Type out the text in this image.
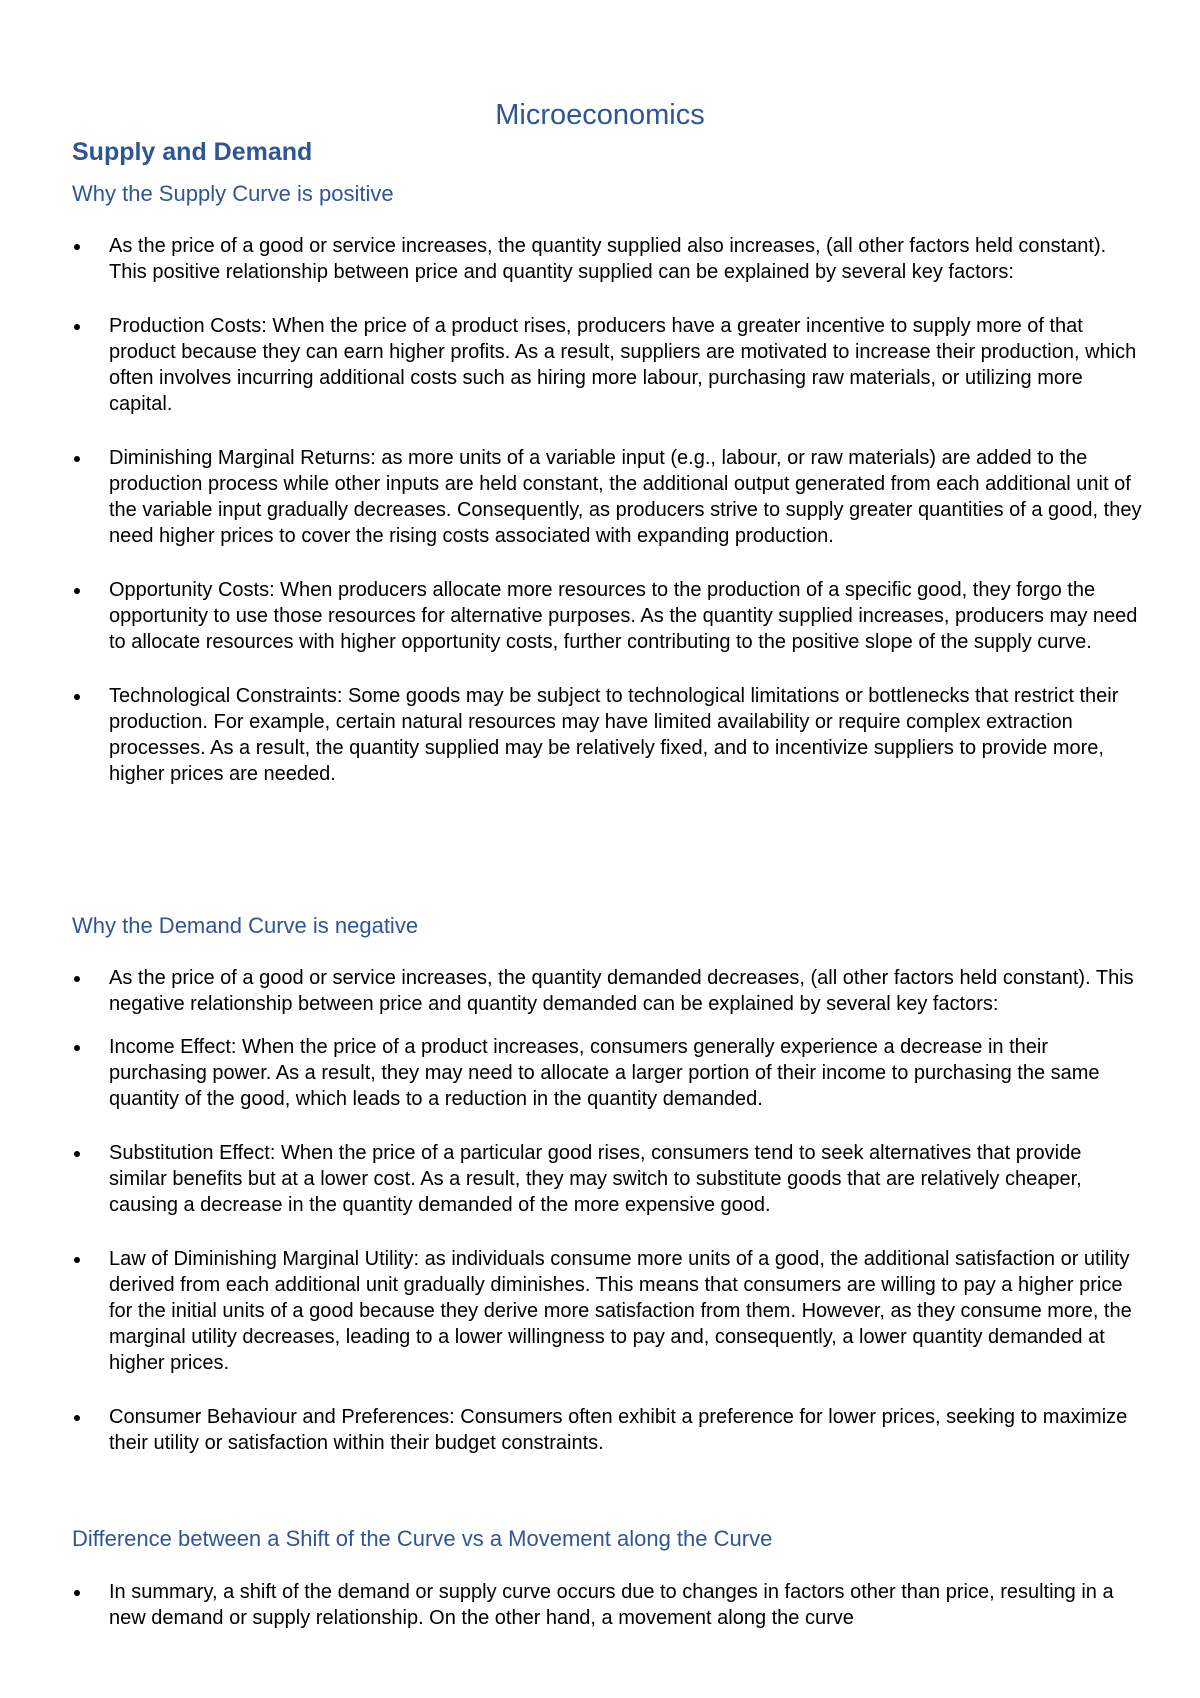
Microeconomics
Supply and Demand
Why the Supply Curve is positive
As the price of a good or service increases, the quantity supplied also increases, (all other factors held constant). This positive relationship between price and quantity supplied can be explained by several key factors:
Production Costs: When the price of a product rises, producers have a greater incentive to supply more of that product because they can earn higher profits. As a result, suppliers are motivated to increase their production, which often involves incurring additional costs such as hiring more labour, purchasing raw materials, or utilizing more capital.
Diminishing Marginal Returns: as more units of a variable input (e.g., labour, or raw materials) are added to the production process while other inputs are held constant, the additional output generated from each additional unit of the variable input gradually decreases. Consequently, as producers strive to supply greater quantities of a good, they need higher prices to cover the rising costs associated with expanding production.
Opportunity Costs: When producers allocate more resources to the production of a specific good, they forgo the opportunity to use those resources for alternative purposes. As the quantity supplied increases, producers may need to allocate resources with higher opportunity costs, further contributing to the positive slope of the supply curve.
Technological Constraints: Some goods may be subject to technological limitations or bottlenecks that restrict their production. For example, certain natural resources may have limited availability or require complex extraction processes. As a result, the quantity supplied may be relatively fixed, and to incentivize suppliers to provide more, higher prices are needed.
Why the Demand Curve is negative
As the price of a good or service increases, the quantity demanded decreases, (all other factors held constant). This negative relationship between price and quantity demanded can be explained by several key factors:
Income Effect: When the price of a product increases, consumers generally experience a decrease in their purchasing power. As a result, they may need to allocate a larger portion of their income to purchasing the same quantity of the good, which leads to a reduction in the quantity demanded.
Substitution Effect: When the price of a particular good rises, consumers tend to seek alternatives that provide similar benefits but at a lower cost. As a result, they may switch to substitute goods that are relatively cheaper, causing a decrease in the quantity demanded of the more expensive good.
Law of Diminishing Marginal Utility: as individuals consume more units of a good, the additional satisfaction or utility derived from each additional unit gradually diminishes. This means that consumers are willing to pay a higher price for the initial units of a good because they derive more satisfaction from them. However, as they consume more, the marginal utility decreases, leading to a lower willingness to pay and, consequently, a lower quantity demanded at higher prices.
Consumer Behaviour and Preferences: Consumers often exhibit a preference for lower prices, seeking to maximize their utility or satisfaction within their budget constraints.
Difference between a Shift of the Curve vs a Movement along the Curve
In summary, a shift of the demand or supply curve occurs due to changes in factors other than price, resulting in a new demand or supply relationship. On the other hand, a movement along the curve
